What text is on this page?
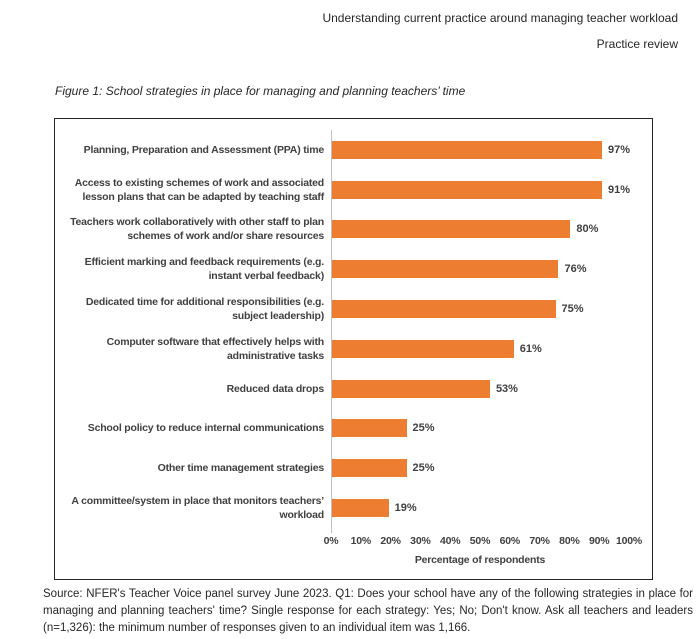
Understanding current practice around managing teacher workload
Practice review
Figure 1: School strategies in place for managing and planning teachers’ time
Planning, Preparation and Assessment (PPA) time	97%
Access to existing schemes of work and associated lesson plans that can be adapted by teaching staff
91%
Teachers work collaboratively with other staff to plan schemes of work and/or share resources
80%
Efficient marking and feedback requirements (e.g. instant verbal feedback)
76%
Dedicated time for additional responsibilities (e.g. subject leadership)
75%
Computer software that effectively helps with administrative tasks
61%
Reduced data drops	53%
School policy to reduce internal communications	25%
Other time management strategies	25%
A committee/system in place that monitors teachers’ workload
19%
0% 10% 20% 30% 40% 50% 60% 70% 80% 90% 100%
Percentage of respondents
Source: NFER's Teacher Voice panel survey June 2023. Q1: Does your school have any of the following strategies in place for managing and planning teachers' time? Single response for each strategy: Yes; No; Don't know. Ask all teachers and leaders (n=1,326): the minimum number of responses given to an individual item was 1,166.
